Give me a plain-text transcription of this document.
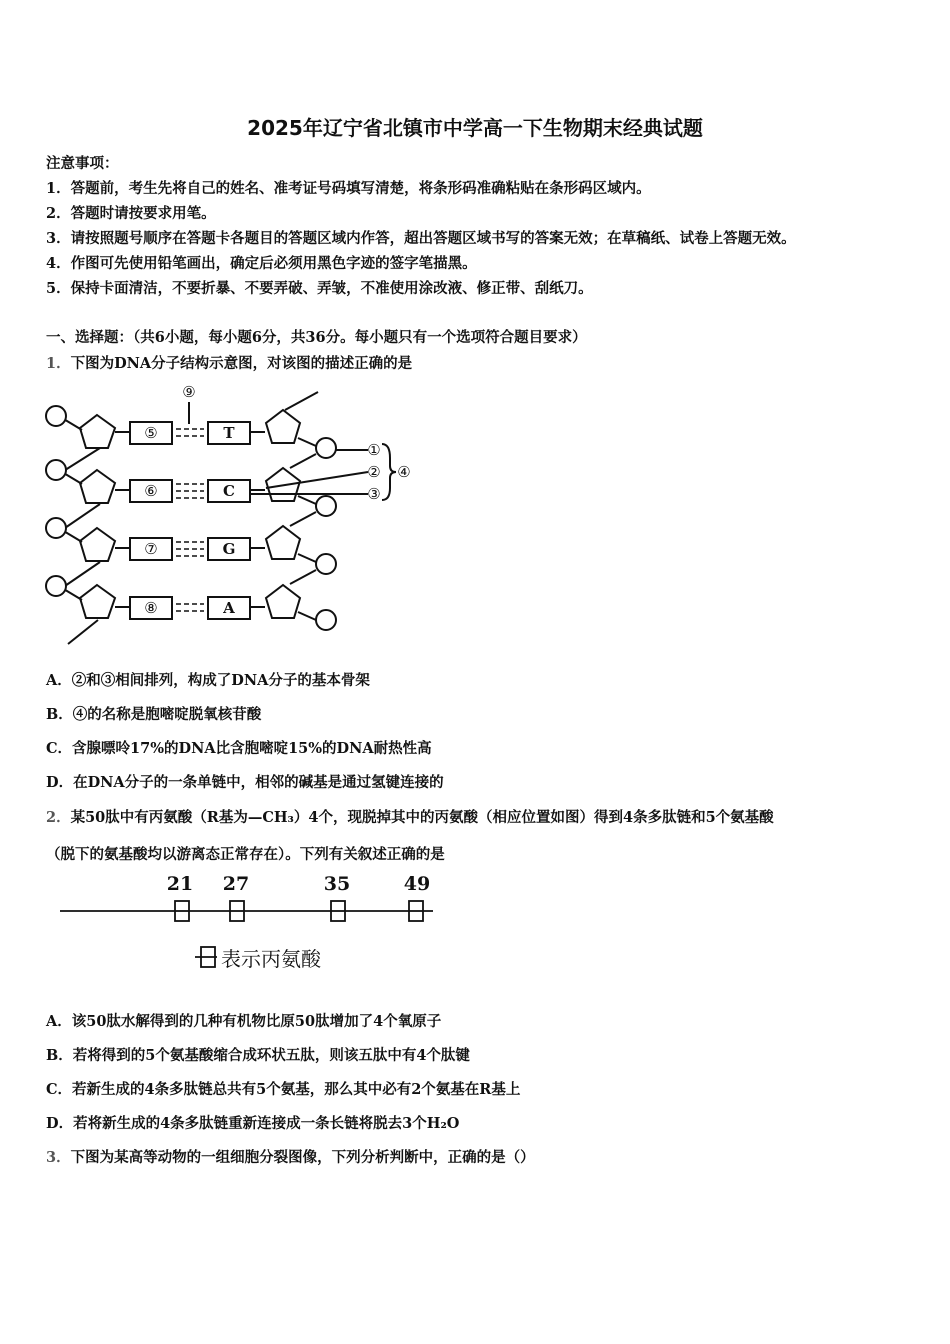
2025年辽宁省北镇市中学高一下生物期末经典试题
注意事项：
1．答题前，考生先将自己的姓名、准考证号码填写清楚，将条形码准确粘贴在条形码区域内。
2．答题时请按要求用笔。
3．请按照题号顺序在答题卡各题目的答题区域内作答，超出答题区域书写的答案无效；在草稿纸、试卷上答题无效。
4．作图可先使用铅笔画出，确定后必须用黑色字迹的签字笔描黑。
5．保持卡面清洁，不要折暴、不要弄破、弄皱，不准使用涂改液、修正带、刮纸刀。
一、选择题：（共6小题，每小题6分，共36分。每小题只有一个选项符合题目要求）
1．下图为DNA分子结构示意图，对该图的描述正确的是
⑤
⑥
⑦
⑧
T
C
G
A
⑨
①
②
③
④
A．②和③相间排列，构成了DNA分子的基本骨架
B．④的名称是胞嘧啶脱氧核苷酸
C．含腺嘌呤17%的DNA比含胞嘧啶15%的DNA耐热性高
D．在DNA分子的一条单链中，相邻的碱基是通过氢键连接的
2．某50肽中有丙氨酸（R基为—CH₃）4个，现脱掉其中的丙氨酸（相应位置如图）得到4条多肽链和5个氨基酸
（脱下的氨基酸均以游离态正常存在）。下列有关叙述正确的是
21 27	35	49
表示丙氨酸
A．该50肽水解得到的几种有机物比原50肽增加了4个氧原子
B．若将得到的5个氨基酸缩合成环状五肽，则该五肽中有4个肽键
C．若新生成的4条多肽链总共有5个氨基，那么其中必有2个氨基在R基上
D．若将新生成的4条多肽链重新连接成一条长链将脱去3个H₂O
3．下图为某高等动物的一组细胞分裂图像，下列分析判断中，正确的是（）
